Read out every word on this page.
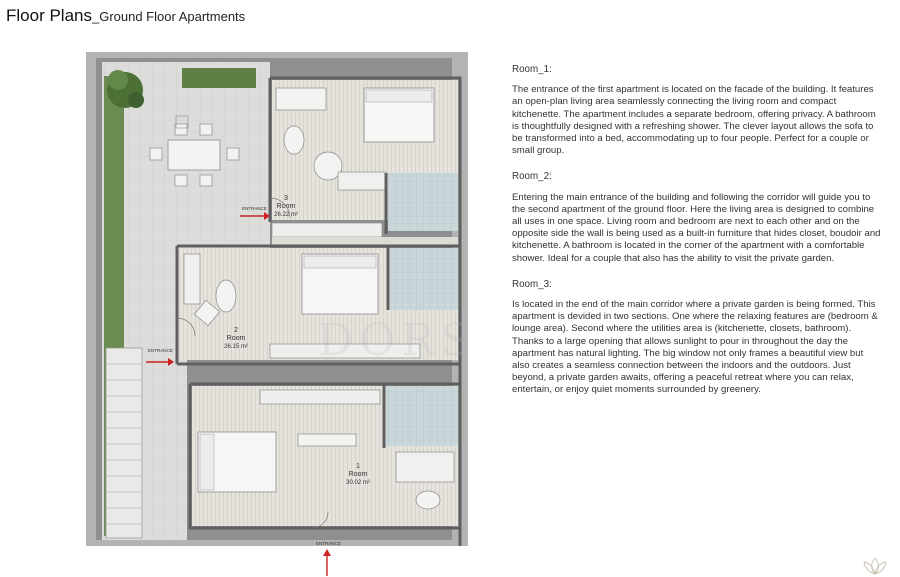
Floor Plans_Ground Floor Apartments
3
Room
26.22 m²
2
Room
26.15 m²
1
Room
30.02 m²
ENTRANCE
ENTRANCE
ENTRANCE
Room_1:

The entrance of the first apartment is located on the facade of the building. It features an open-plan living area seamlessly connecting the living room and compact kitchenette. The apartment includes a separate bedroom, offering privacy. A bathroom is thoughtfully designed with a refreshing shower. The clever layout allows the sofa to be transformed into a bed, accommodating up to four people. Perfect for a couple or small group.

Room_2:

Entering the main entrance of the building and following the corridor will guide you to the second apartment of the ground floor. Here the living area is designed to combine all uses in one space. Living room and bedroom are next to each other and on the opposite side the wall is being used as a built-in furniture that hides closet, boudoir and kitchenette. A bathroom is located in the corner of the apartment with a comfortable shower. Ideal for a couple that also has the ability to visit the private garden.

Room_3:

Is located in the end of the main corridor where a private garden is being formed. This apartment is devided in two sections. One where the relaxing features are (bedroom & lounge area). Second where the utilities area is (kitchenette, closets, bathroom). Thanks to a large opening that allows sunlight to pour in throughout the day the apartment has natural lighting. The big window not only frames a beautiful view but also creates a seamless connection between the indoors and the outdoors. Just beyond, a private garden awaits, offering a peaceful retreat where you can relax, entertain, or enjoy quiet moments surrounded by greenery.

DORS
